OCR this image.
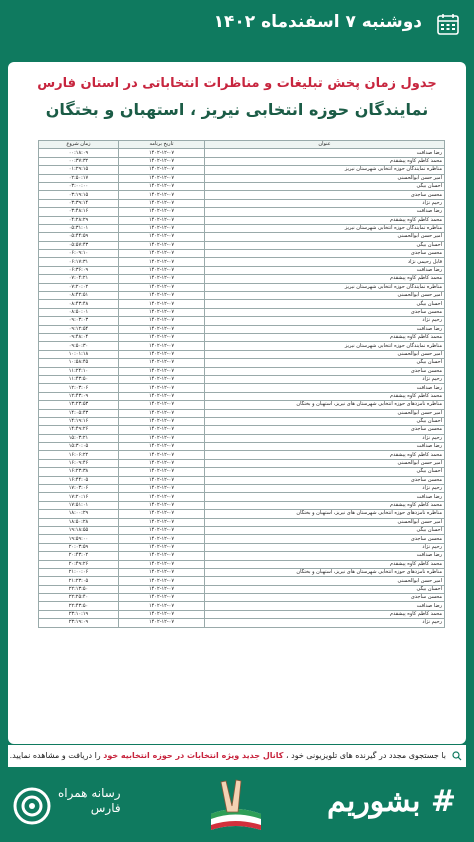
دوشنبه ۷ اسفندماه ۱۴۰۲
جدول زمان پخش تبلیغات و مناظرات انتخاباتی در استان فارس
نمایندگان حوزه انتخابی نیریز ، استهبان و بختگان
عنوان	تاریخ برنامه	زمان شروع
رضا صداقت	۱۴۰۲-۱۲-۰۷	۰۰:۱۸:۰۹
محمد کاظم کاوه پیشقدم	۱۴۰۲-۱۲-۰۷	۰۰:۳۷:۳۲
مناظره نمایندگان حوزه انتخابی شهرستان نیریز	۱۴۰۲-۱۲-۰۷	۰۱:۲۹:۱۵
امیر حسن ابوالحسنی	۱۴۰۲-۱۲-۰۷	۰۲:۵۰:۱۷
احسان بیگی	۱۴۰۲-۱۲-۰۷	۰۳:۰۰:۰۰
محسن ساجدی	۱۴۰۲-۱۲-۰۷	۰۳:۱۹:۱۵
رحیم نژاد	۱۴۰۲-۱۲-۰۷	۰۳:۳۹:۱۴
رضا صداقت	۱۴۰۲-۱۲-۰۷	۰۳:۴۸:۱۶
محمد کاظم کاوه پیشقدم	۱۴۰۲-۱۲-۰۷	۰۴:۲۸:۲۹
مناظره نمایندگان حوزه انتخابی شهرستان نیریز	۱۴۰۲-۱۲-۰۷	۰۵:۳۱:۰۱
امیر حسن ابوالحسنی	۱۴۰۲-۱۲-۰۷	۰۵:۴۴:۵۹
احسان بیگی	۱۴۰۲-۱۲-۰۷	۰۵:۵۷:۴۳
محسن ساجدی	۱۴۰۲-۱۲-۰۷	۰۶:۰۹:۱۰
قابل رحیمی نژاد	۱۴۰۲-۱۲-۰۷	۰۶:۱۷:۳۱
رضا صداقت	۱۴۰۲-۱۲-۰۷	۰۶:۳۶:۰۹
محمد کاظم کاوه پیشقدم	۱۴۰۲-۱۲-۰۷	۰۷:۰۴:۲۱
مناظره نمایندگان حوزه انتخابی شهرستان نیریز	۱۴۰۲-۱۲-۰۷	۰۷:۲۰:۰۲
امیر حسن ابوالحسنی	۱۴۰۲-۱۲-۰۷	۰۸:۴۲:۵۱
احسان بیگی	۱۴۰۲-۱۲-۰۷	۰۸:۴۳:۴۸
محسن ساجدی	۱۴۰۲-۱۲-۰۷	۰۸:۵۰:۰۱
رحیم نژاد	۱۴۰۲-۱۲-۰۷	۰۹:۰۳:۰۳
رضا صداقت	۱۴۰۲-۱۲-۰۷	۰۹:۱۲:۵۴
محمد کاظم کاوه پیشقدم	۱۴۰۲-۱۲-۰۷	۰۹:۴۸:۰۴
مناظره نمایندگان حوزه انتخابی شهرستان نیریز	۱۴۰۲-۱۲-۰۷	۰۹:۵۰:۳۰
امیر حسن ابوالحسنی	۱۴۰۲-۱۲-۰۷	۱۰:۰۱:۱۸
احسان بیگی	۱۴۰۲-۱۲-۰۷	۱۰:۵۸:۴۵
محسن ساجدی	۱۴۰۲-۱۲-۰۷	۱۱:۲۴:۱۰
رحیم نژاد	۱۴۰۲-۱۲-۰۷	۱۱:۴۳:۵۰
رضا صداقت	۱۴۰۲-۱۲-۰۷	۱۲:۰۳:۰۶
محمد کاظم کاوه پیشقدم	۱۴۰۲-۱۲-۰۷	۱۲:۴۳:۰۹
مناظره نامزدهای حوزه انتخابی شهرستان های نیریز، استهبان و بختگان	۱۴۰۲-۱۲-۰۷	۱۳:۲۳:۵۳
امیر حسن ابوالحسنی	۱۴۰۲-۱۲-۰۷	۱۴:۰۵:۴۳
احسان بیگی	۱۴۰۲-۱۲-۰۷	۱۴:۱۹:۱۶
محسن ساجدی	۱۴۰۲-۱۲-۰۷	۱۴:۴۹:۲۶
رحیم نژاد	۱۴۰۲-۱۲-۰۷	۱۵:۰۳:۲۱
رضا صداقت	۱۴۰۲-۱۲-۰۷	۱۵:۳۰:۰۵
محمد کاظم کاوه پیشقدم	۱۴۰۲-۱۲-۰۷	۱۶:۰۶:۲۲
امیر حسن ابوالحسنی	۱۴۰۲-۱۲-۰۷	۱۶:۰۹:۴۶
احسان بیگی	۱۴۰۲-۱۲-۰۷	۱۶:۲۳:۳۸
محسن ساجدی	۱۴۰۲-۱۲-۰۷	۱۶:۴۴:۰۵
رحیم نژاد	۱۴۰۲-۱۲-۰۷	۱۷:۰۳:۰۶
رضا صداقت	۱۴۰۲-۱۲-۰۷	۱۷:۲۰:۱۶
محمد کاظم کاوه پیشقدم	۱۴۰۲-۱۲-۰۷	۱۷:۵۱:۰۱
مناظره نامزدهای حوزه انتخابی شهرستان های نیریز، استهبان و بختگان	۱۴۰۲-۱۲-۰۷	۱۸:۰۰:۲۹
امیر حسن ابوالحسنی	۱۴۰۲-۱۲-۰۷	۱۸:۵۰:۲۸
احسان بیگی	۱۴۰۲-۱۲-۰۷	۱۹:۱۸:۵۵
محسن ساجدی	۱۴۰۲-۱۲-۰۷	۱۹:۵۹:۰۰
رحیم نژاد	۱۴۰۲-۱۲-۰۷	۲۰:۰۳:۵۹
رضا صداقت	۱۴۰۲-۱۲-۰۷	۲۰:۴۳:۰۲
محمد کاظم کاوه پیشقدم	۱۴۰۲-۱۲-۰۷	۲۰:۴۹:۲۶
مناظره نامزدهای حوزه انتخابی شهرستان های نیریز، استهبان و بختگان	۱۴۰۲-۱۲-۰۷	۲۱:۰۰:۰۶
امیر حسن ابوالحسنی	۱۴۰۲-۱۲-۰۷	۲۱:۲۳:۰۵
احسان بیگی	۱۴۰۲-۱۲-۰۷	۲۲:۱۳:۵۰
محسن ساجدی	۱۴۰۲-۱۲-۰۷	۲۲:۲۵:۴۰
رضا صداقت	۱۴۰۲-۱۲-۰۷	۲۲:۴۳:۵۰
محمد کاظم کاوه پیشقدم	۱۴۰۲-۱۲-۰۷	۲۳:۱۰:۱۹
رحیم نژاد	۱۴۰۲-۱۲-۰۷	۲۳:۱۹:۰۹
با جستجوی مجدد در گیرنده های تلویزیونی خود ، کانال جدید ویژه انتخابات در حوزه انتخابیه خود را دریافت و مشاهده نمایید.
رسانه همراه
فارس	# بشوریم
